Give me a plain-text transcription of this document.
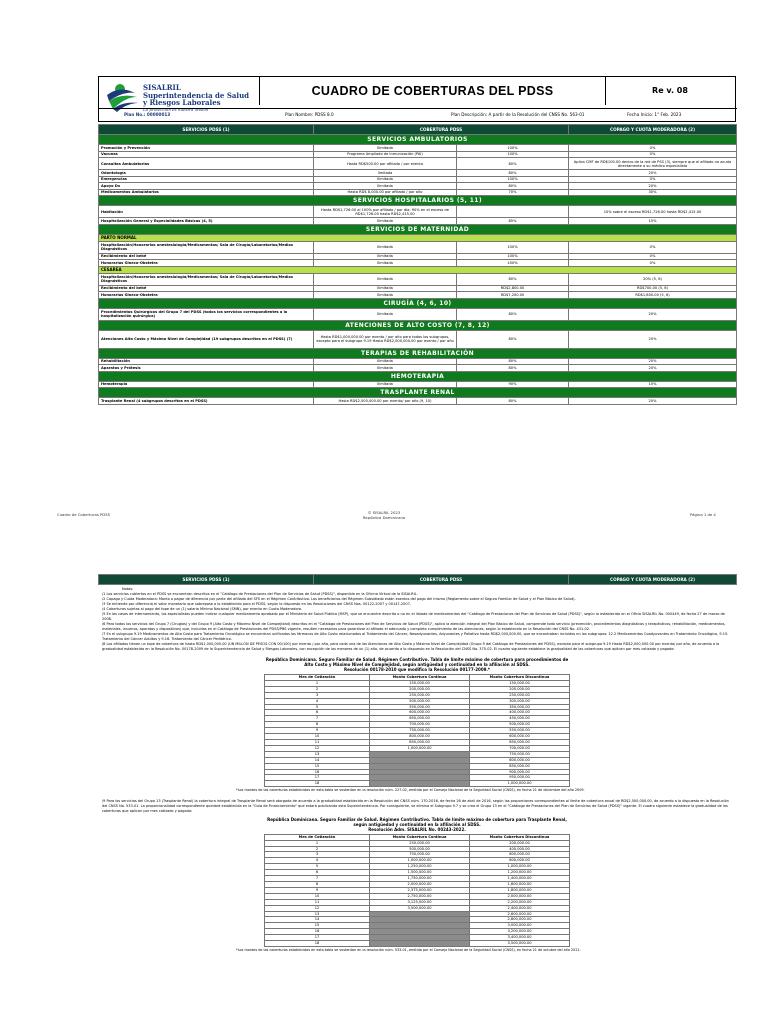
SISALRIL
Superintendencia de Salud
y Riesgos Laborales
La protección es nuestra Misión
CUADRO DE COBERTURAS DEL PDSS	Re v. 08
Plan No.: 00000013	Plan Nombre: PDSS 8.0	Plan Descripción: A partir de la Resolución del CNSS No. 563-01	Fecha Inicio: 1° Feb. 2023
SERVICIOS PDSS (1)	COBERTURA PDSS		COPAGO Y CUOTA MODERADORA (2)
SERVICIOS AMBULATORIOS			
Promoción y Prevención	Ilimitada	100%	0%
Vacunas	Programa Ampliado de Inmunización (PAI)	100%	0%
Consultas Ambulatorias	Hasta RD$500.00 por afiliado / por evento	80%	Aplica CMF de RD$100.00 dentro de la red de PSS (3), siempre que el afiliado no acuda directamente a su médico especialista
Odontología	limitada	80%	20%
Emergencias	Ilimitada	100%	0%
Apoyo Dx	Ilimitada	80%	20%
Medicamentos Ambulatorios	Hasta RD$ 8,000.00 por afiliado / por año	70%	30%
SERVICIOS HOSPITALARIOS (5, 11)			
Habitación	Hasta RD$1,726.00 al 100% por afiliado / por día; 90% en el exceso de RD$1,726.00 hasta RD$2,415.00		10% sobre el exceso RD$1,726.00 hasta RD$2,415.00
Hospitalización General y Especialidades Básicas (4, 5)	Ilimitada	85%	15%
SERVICIOS DE MATERNIDAD			
PARTO NORMAL			
Hospitalización/Honorarios anestesiología/Medicamentos/ Sala de Cirugía/Laboratorios/Medios Diagnósticos	Ilimitada	100%	0%
Recibimiento del bebé	Ilimitada	100%	0%
Honorarios Gineco-Obstetra	Ilimitada	100%	0%
CESAREA			
Hospitalización/Honorarios anestesiología/Medicamentos/ Sala de Cirugía/Laboratorios/Medios Diagnósticos	Ilimitada	80%	20% (5, 6)
Recibimiento del bebé	Ilimitada	RD$2,800.00	RD$700.00 (5, 6)
Honorarios Gineco-Obstetra	Ilimitada	RD$7,200.00	RD$1,800.00 (5, 6)
CIRUGÍA (4, 6, 10)			
Procedimientos Quirúrgicos del Grupo 7 del PDSS (todos los servicios correspondientes a la hospitalización quirúrgica)	Ilimitada	80%	20%
ATENCIONES DE ALTO COSTO (7, 8, 12)			
Atenciones Alto Costo y Máximo Nivel de Complejidad (19 subgrupos descritos en el PDSS) (7)	Hasta RD$1,000,000.00 por evento / por año para todos los subgrupos, excepto para el subgrupo 9.19 Hasta RD$2,000,000.00 por evento / por año	80%	20%
TERAPIAS DE REHABILITACIÓN			
Rehabilitación	Ilimitada	80%	20%
Aparatos y Prótesis	Ilimitada	80%	20%
HEMOTERAPIA			
Hemoterapia	Ilimitada	90%	10%
TRASPLANTE RENAL			
Trasplante Renal (4 subgrupos descritos en el PDSS)	Hasta RD$2,500,000.00 por evento/ por año (9, 10)	80%	20%
Cuadro de Coberturas PDSS	© SISALRIL 2023
República Dominicana
Página 1 de 4
SERVICIOS PDSS (1)	COBERTURA PDSS	COPAGO Y CUOTA MODERADORA (2)

Notas:

/1 Los servicios cubiertos en el PDSS se encuentran descritos en el "Catálogo de Prestaciones del Plan de Servicios de Salud (PDSS)", disponible en la Oficina Virtual de la SISALRIL.

/2 Copago y Cuota Moderadora: Monto a pagar de diferencia por parte del afiliado del SFS en el Régimen Contributivo. Los beneficiarios del Régimen Subsidiado están exentos del pago del mismo (Reglamento sobre el Seguro Familiar de Salud y el Plan Básico de Salud).

/3 Se entiende por diferencia el valor monetario que sobrepase a lo establecido para el PDSS, según lo dispuesto en las Resoluciones del CNSS Nos. 00122-2007 y 00147-2007.

/4 Coberturas sujetas al pago del tope de un (1) salario Mínimo Nacional (SMN), por evento en Cuota Moderadora.

/5 En los casos de internamiento, los especialistas pueden indicar cualquier medicamento aprobado por el Ministerio de Salud Pública (MSP), que se encuentre descrito o no en el listado de medicamentos del "Catálogo de Prestaciones del Plan de Servicios de Salud (PDSS)", según lo establecido en el Oficio SISALRIL No. 000449, de fecha 27 de marzo de 2008.

/6 Para todos los servicios del Grupo 7 (Cirugías) y del Grupo 9 (Alto Costo y Máximo Nivel de Complejidad) descritos en el "Catálogo de Prestaciones del Plan de Servicios de Salud (PDSS)", aplica la atención integral del Plan Básico de Salud, comprende todo servicio (prevención, procedimientos diagnósticos y terapéuticos, rehabilitación, medicamentos, materiales, insumos, aparatos y dispositivos) que, incluidos en el Catálogo de Prestaciones del PDSS/PBS vigente, resulten necesarios para garantizar al afiliado el adecuado y completo cumplimiento de las atenciones, según lo establecido en la Resolución del CNSS No. 431-02.

/7 En el subgrupo 9.19 Medicamentos de Alto Costo para Tratamiento Oncológico se encuentran unificados los fármacos de Alto Costo relacionados al Tratamiento del Cáncer, Neoadyuvantes, Adyuvantes y Paliativo hasta RD$2,000,000.00, que se encontraban incluidos en los subgrupos: 12.2 Medicamentos Coadyuvantes en Tratamiento Oncológico, 9.15. Tratamiento del Cáncer Adultos y 9.16. Tratamiento del Cáncer Pediátrico.

/8 Los afiliados tienen un tope de cobertura de hasta RD$1,000,000.00 (UN MILLÓN DE PESOS CON 00/100) por evento / por año, para cada una de las Atenciones de Alto Costo y Máximo Nivel de Complejidad (Grupo 9 del Catálogo de Prestaciones del PDSS), excepto para el subgrupo 9.19 Hasta RD$2,000,000.00 por evento/ por año, de acuerdo a la gradualidad establecida en la Resolución No. 00178-2009 de la Superintendencia de Salud y Riesgos Laborales, con excepción de los menores de un (1) año, de acuerdo a lo dispuesto en la Resolución del CNSS No. 375-02. El cuadro siguiente establece la gradualidad de las coberturas que aplican por mes cotizado y pagado:

República Dominicana. Seguro Familiar de Salud. Régimen Contributivo. Tabla de límite máximo de cobertura para procedimientos de
Alto Costo y Máximo Nivel de Complejidad, según antigüedad y continuidad en la afiliación al SDSS.
Resolución 00178-2010 que modifica la Resolución 00177-2009.*
Mes de Cotización	Monto Cobertura Continua	Monto Cobertura Discontinua
1	150,000.00	150,000.00
2	200,000.00	200,000.00
3	250,000.00	250,000.00
4	500,000.00	300,000.00
5	550,000.00	350,000.00
6	600,000.00	400,000.00
7	650,000.00	450,000.00
8	700,000.00	500,000.00
9	750,000.00	550,000.00
10	800,000.00	600,000.00
11	850,000.00	650,000.00
12	1,000,000.00	700,000.00
13		750,000.00
14		800,000.00
15		850,000.00
16		900,000.00
17		950,000.00
18		1,000,000.00
*Los montos de las coberturas establecidas en esta tabla se sustentan en la resolución núm. 227-02, emitida por el Consejo Nacional de la Seguridad Social (CNSS), en fecha 21 de diciembre del año 2009.
/9 Para los servicios del Grupo 13 (Trasplante Renal) la cobertura integral de Trasplante Renal será otorgada de acuerdo a la gradualidad establecida en la Resolución del CNSS núm. 170-2016, de fecha 26 de abril de 2016, según las proporciones correspondientes al límite de cobertura anual de RD$2,500,000.00, de acuerdo a lo dispuesto en la Resolución del CNSS No. 533-01. La proporcionalidad correspondiente quedará establecida en la "Guía de Financiamiento" que estará publicando esta Superintendencia. Por consiguiente, se elimina el Subgrupo 9.7 y se crea el Grupo 13 en el "Catálogo de Prestaciones del Plan de Servicios de Salud (PDSS)" vigente. El cuadro siguiente establece la gradualidad de las coberturas que aplican por mes cotizado y pagado:
República Dominicana. Seguro Familiar de Salud. Régimen Contributivo. Tabla de límite máximo de cobertura para Trasplante Renal,
según antigüedad y continuidad en la afiliación al SDSS.
Resolución Adm. SISALRIL No. 00243-2022.
Mes de Cotización	Monto Cobertura Continua	Monto Cobertura Discontinua
1	250,000.00	200,000.00
2	500,000.00	400,000.00
3	750,000.00	600,000.00
4	1,000,000.00	800,000.00
5	1,250,000.00	1,000,000.00
6	1,500,000.00	1,200,000.00
7	1,750,000.00	1,400,000.00
8	2,000,000.00	1,600,000.00
9	2,375,000.00	1,800,000.00
10	2,750,000.00	2,000,000.00
11	3,125,000.00	2,200,000.00
12	3,500,000.00	2,400,000.00
13		2,600,000.00
14		2,800,000.00
15		3,000,000.00
16		3,200,000.00
17		3,400,000.00
18		3,500,000.00
*Los montos de las coberturas establecidas en esta tabla se sustentan en la resolución núm. 533-01, emitida por el Consejo Nacional de la Seguridad Social (CNSS), en fecha 21 de octubre del año 2021.
